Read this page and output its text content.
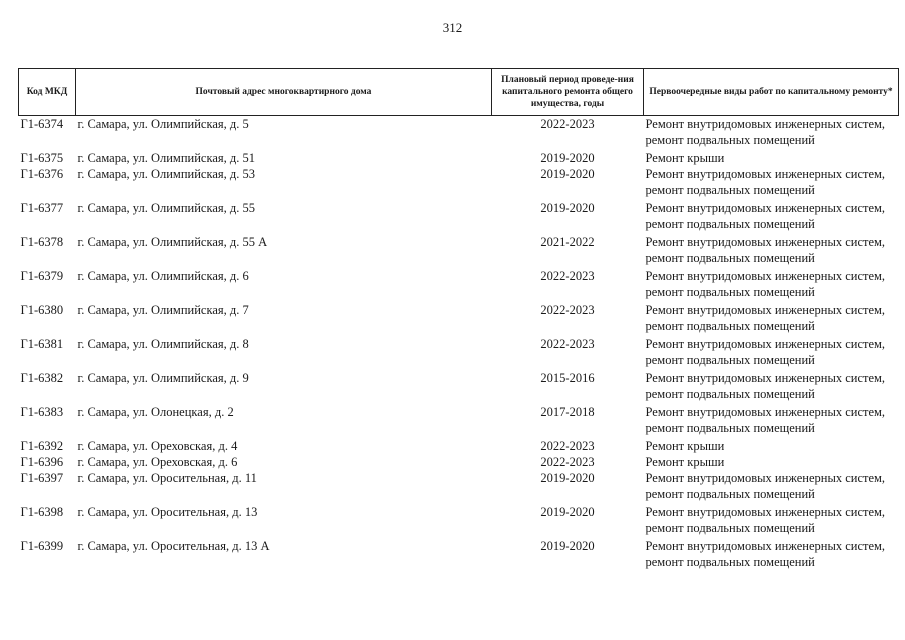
312
Код МКД	Почтовый адрес многоквартирного дома	Плановый период проведе-ния капитального ремонта общего имущества, годы	Первоочередные виды работ по капитальному ремонту*
Г1-6374	г. Самара, ул. Олимпийская, д. 5	2022-2023	Ремонт внутридомовых инженерных систем,
ремонт подвальных помещений

Г1-6375	г. Самара, ул. Олимпийская, д. 51	2019-2020	Ремонт крыши

Г1-6376	г. Самара, ул. Олимпийская, д. 53	2019-2020	Ремонт внутридомовых инженерных систем,
ремонт подвальных помещений

Г1-6377	г. Самара, ул. Олимпийская, д. 55	2019-2020	Ремонт внутридомовых инженерных систем,
ремонт подвальных помещений

Г1-6378	г. Самара, ул. Олимпийская, д. 55 А	2021-2022	Ремонт внутридомовых инженерных систем,
ремонт подвальных помещений

Г1-6379	г. Самара, ул. Олимпийская, д. 6	2022-2023	Ремонт внутридомовых инженерных систем,
ремонт подвальных помещений

Г1-6380	г. Самара, ул. Олимпийская, д. 7	2022-2023	Ремонт внутридомовых инженерных систем,
ремонт подвальных помещений

Г1-6381	г. Самара, ул. Олимпийская, д. 8	2022-2023	Ремонт внутридомовых инженерных систем,
ремонт подвальных помещений

Г1-6382	г. Самара, ул. Олимпийская, д. 9	2015-2016	Ремонт внутридомовых инженерных систем,
ремонт подвальных помещений

Г1-6383	г. Самара, ул. Олонецкая, д. 2	2017-2018	Ремонт внутридомовых инженерных систем,
ремонт подвальных помещений

Г1-6392	г. Самара, ул. Ореховская, д. 4	2022-2023	Ремонт крыши

Г1-6396	г. Самара, ул. Ореховская, д. 6	2022-2023	Ремонт крыши

Г1-6397	г. Самара, ул. Оросительная, д. 11	2019-2020	Ремонт внутридомовых инженерных систем,
ремонт подвальных помещений

Г1-6398	г. Самара, ул. Оросительная, д. 13	2019-2020	Ремонт внутридомовых инженерных систем,
ремонт подвальных помещений

Г1-6399	г. Самара, ул. Оросительная, д. 13 А	2019-2020	Ремонт внутридомовых инженерных систем,
ремонт подвальных помещений
